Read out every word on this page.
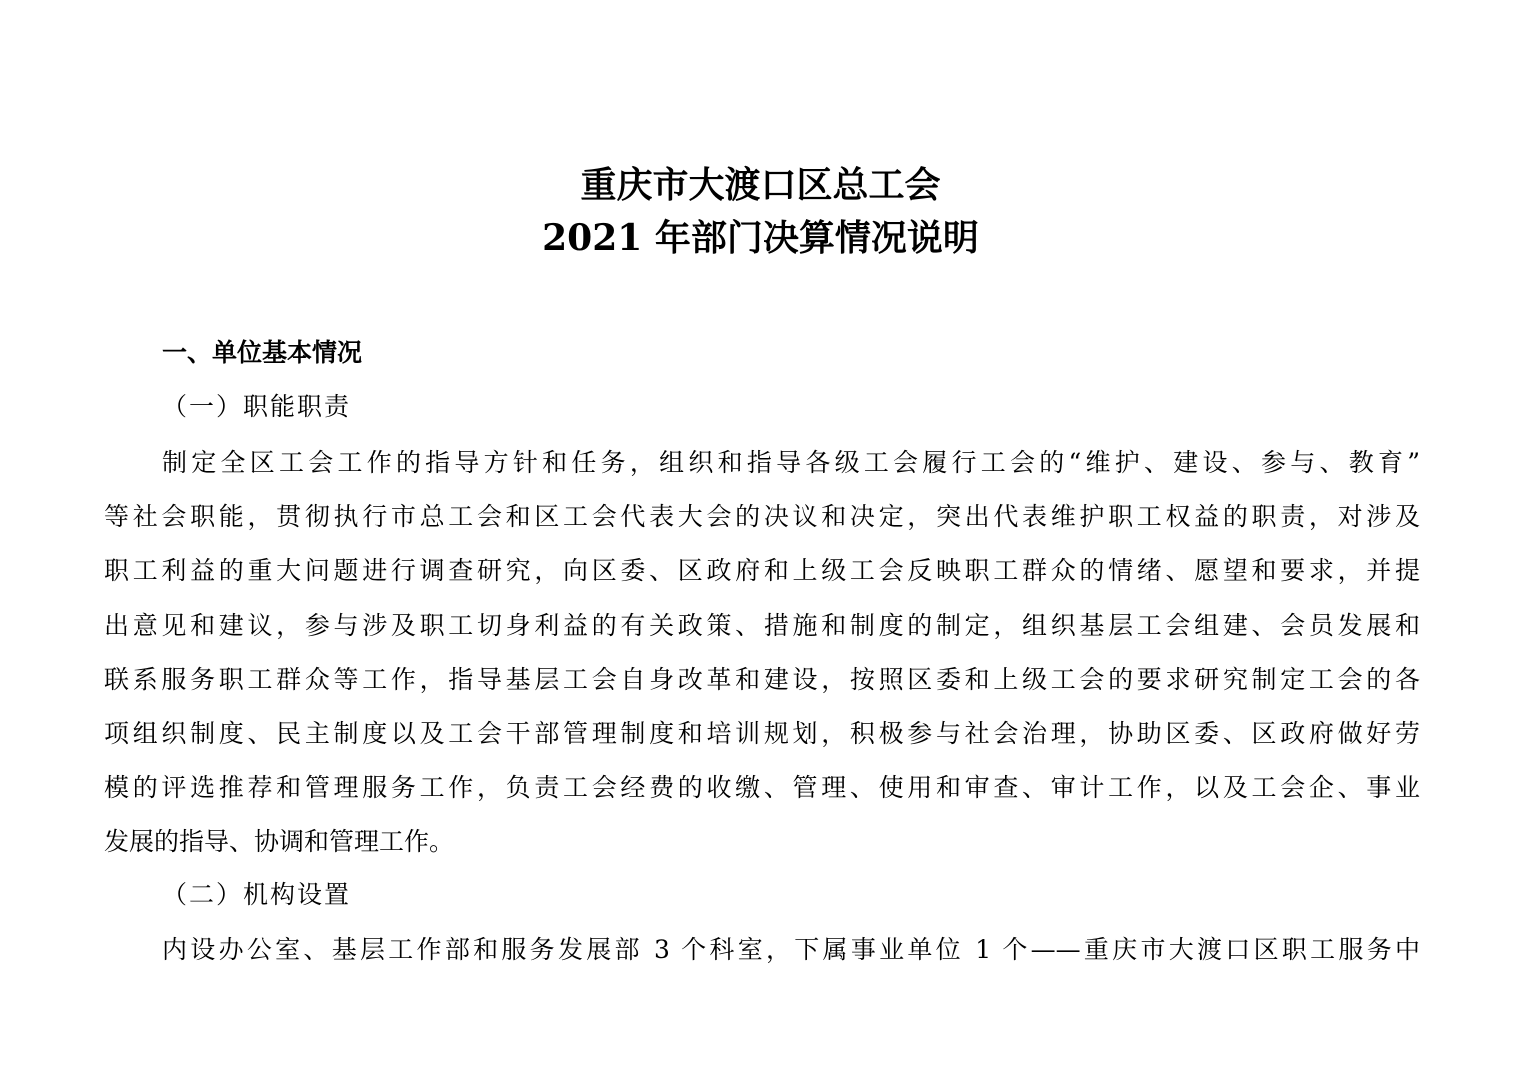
重庆市大渡口区总工会
2021 年部门决算情况说明
一、单位基本情况
（一）职能职责
制定全区工会工作的指导方针和任务，组织和指导各级工会履行工会的“维护、建设、参与、教育”
等社会职能，贯彻执行市总工会和区工会代表大会的决议和决定，突出代表维护职工权益的职责，对涉及
职工利益的重大问题进行调查研究，向区委、区政府和上级工会反映职工群众的情绪、愿望和要求，并提
出意见和建议，参与涉及职工切身利益的有关政策、措施和制度的制定，组织基层工会组建、会员发展和
联系服务职工群众等工作，指导基层工会自身改革和建设，按照区委和上级工会的要求研究制定工会的各
项组织制度、民主制度以及工会干部管理制度和培训规划，积极参与社会治理，协助区委、区政府做好劳
模的评选推荐和管理服务工作，负责工会经费的收缴、管理、使用和审查、审计工作，以及工会企、事业
发展的指导、协调和管理工作。
（二）机构设置
内设办公室、基层工作部和服务发展部 3 个科室，下属事业单位 1 个——重庆市大渡口区职工服务中
